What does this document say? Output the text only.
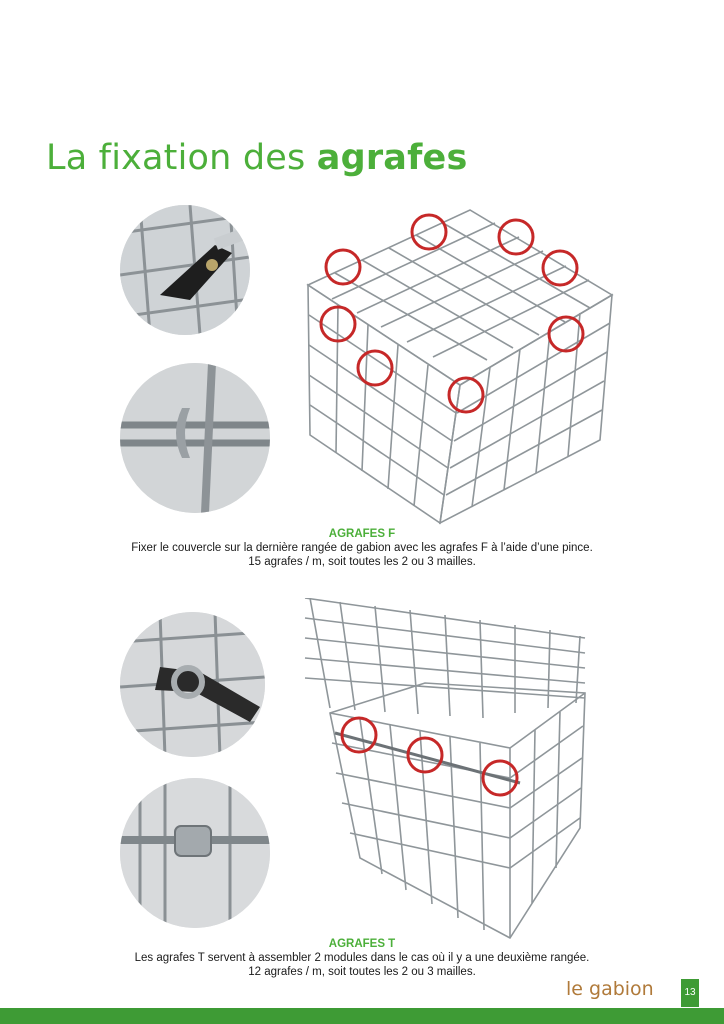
La fixation des agrafes
AGRAFES F
Fixer le couvercle sur la dernière rangée de gabion avec les agrafes F à l’aide d’une pince.
15 agrafes / m, soit toutes les 2 ou 3 mailles.
AGRAFES T
Les agrafes T servent à assembler 2 modules dans le cas où il y a une deuxième rangée.
12 agrafes / m, soit toutes les 2 ou 3 mailles.
le gabion	13
